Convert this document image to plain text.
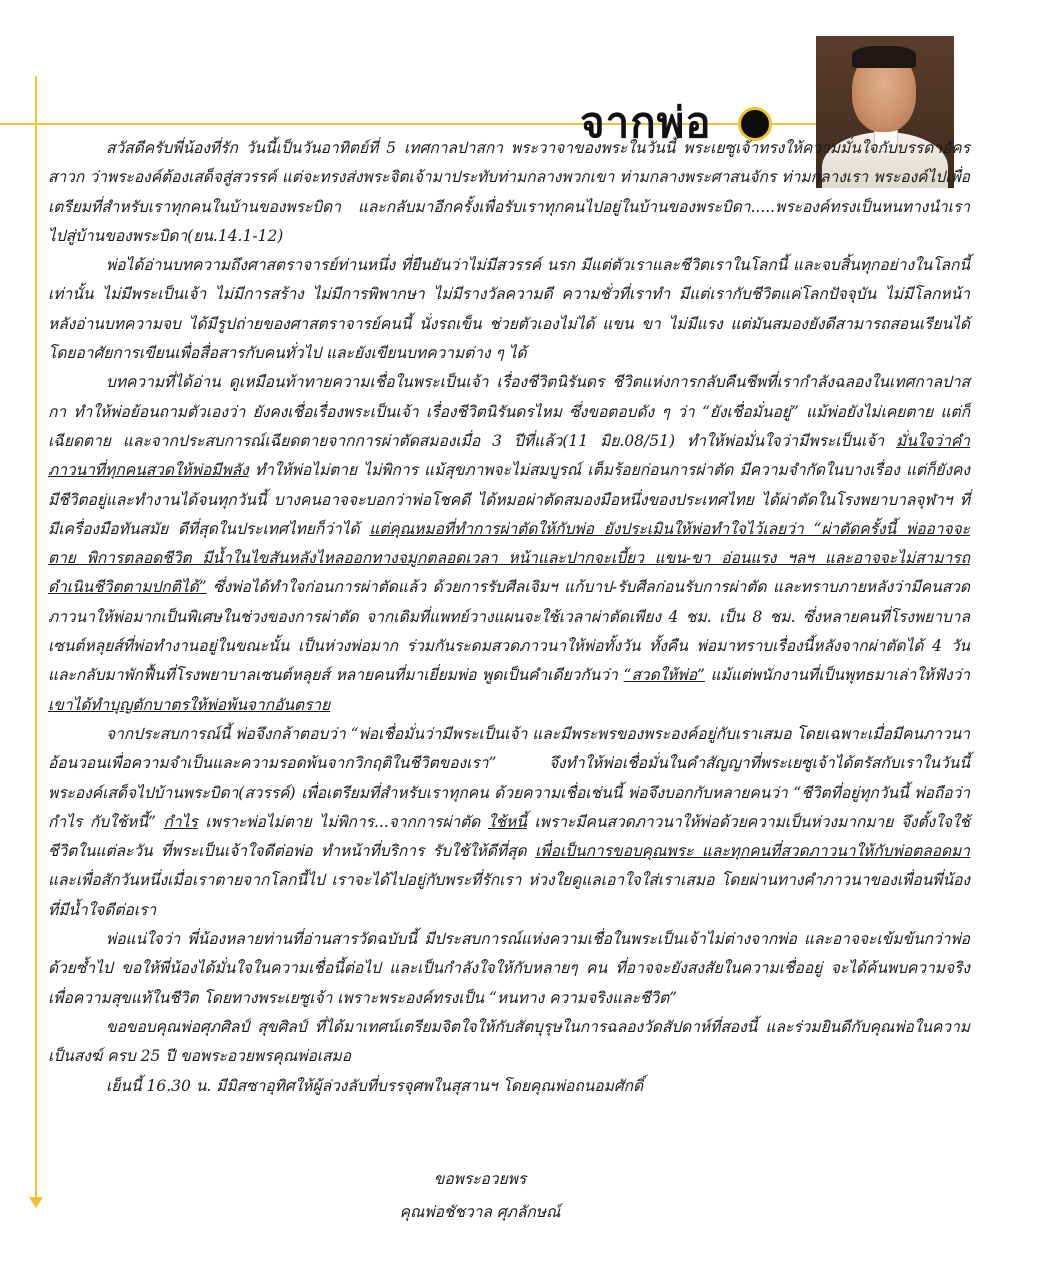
จากพ่อ

สวัสดีครับพี่น้องที่รัก วันนี้เป็นวันอาทิตย์ที่ 5 เทศกาลปาสกา พระวาจาของพระในวันนี้ พระเยซูเจ้าทรงให้ความมั่นใจกับบรรดาอัครสาวก ว่าพระองค์ต้องเสด็จสู่สวรรค์ แต่จะทรงส่งพระจิตเจ้ามาประทับท่ามกลางพวกเขา ท่ามกลางพระศาสนจักร ท่ามกลางเรา พระองค์ไปเพื่อเตรียมที่สำหรับเราทุกคนในบ้านของพระบิดา และกลับมาอีกครั้งเพื่อรับเราทุกคนไปอยู่ในบ้านของพระบิดา.....พระองค์ทรงเป็นหนทางนำเราไปสู่บ้านของพระบิดา(ยน.14.1-12)

พ่อได้อ่านบทความถึงศาสตราจารย์ท่านหนึ่ง ที่ยืนยันว่าไม่มีสวรรค์ นรก มีแต่ตัวเราและชีวิตเราในโลกนี้ และจบสิ้นทุกอย่างในโลกนี้เท่านั้น ไม่มีพระเป็นเจ้า ไม่มีการสร้าง ไม่มีการพิพากษา ไม่มีรางวัลความดี ความชั่วที่เราทำ มีแต่เรากับชีวิตแค่โลกปัจจุบัน ไม่มีโลกหน้า หลังอ่านบทความจบ ได้มีรูปถ่ายของศาสตราจารย์คนนี้ นั่งรถเข็น ช่วยตัวเองไม่ได้ แขน ขา ไม่มีแรง แต่มันสมองยังดีสามารถสอนเรียนได้ โดยอาศัยการเขียนเพื่อสื่อสารกับคนทั่วไป และยังเขียนบทความต่าง ๆ ได้

บทความที่ได้อ่าน ดูเหมือนท้าทายความเชื่อในพระเป็นเจ้า เรื่องชีวิตนิรันดร ชีวิตแห่งการกลับคืนชีพที่เรากำลังฉลองในเทศกาลปาสกา ทำให้พ่อย้อนถามตัวเองว่า ยังคงเชื่อเรื่องพระเป็นเจ้า เรื่องชีวิตนิรันดรไหม ซึ่งขอตอบดัง ๆ ว่า “ยังเชื่อมั่นอยู่” แม้พ่อยังไม่เคยตาย แต่ก็เฉียดตาย และจากประสบการณ์เฉียดตายจากการผ่าตัดสมองเมื่อ 3 ปีที่แล้ว(11 มิย.08/51) ทำให้พ่อมั่นใจว่ามีพระเป็นเจ้า มั่นใจว่าคำภาวนาที่ทุกคนสวดให้พ่อมีพลัง ทำให้พ่อไม่ตาย ไม่พิการ แม้สุขภาพจะไม่สมบูรณ์ เต็มร้อยก่อนการผ่าตัด มีความจำกัดในบางเรื่อง แต่ก็ยังคงมีชีวิตอยู่และทำงานได้จนทุกวันนี้ บางคนอาจจะบอกว่าพ่อโชคดี ได้หมอผ่าตัดสมองมือหนึ่งของประเทศไทย ได้ผ่าตัดในโรงพยาบาลจุฬาฯ ที่มีเครื่องมือทันสมัย ดีที่สุดในประเทศไทยก็ว่าได้ แต่คุณหมอที่ทำการผ่าตัดให้กับพ่อ ยังประเมินให้พ่อทำใจไว้เลยว่า “ผ่าตัดครั้งนี้ พ่ออาจจะตาย พิการตลอดชีวิต มีน้ำในไขสันหลังไหลออกทางจมูกตลอดเวลา หน้าและปากจะเบี้ยว แขน-ขา อ่อนแรง ฯลฯ และอาจจะไม่สามารถดำเนินชีวิตตามปกติได้” ซึ่งพ่อได้ทำใจก่อนการผ่าตัดแล้ว ด้วยการรับศีลเจิมฯ แก้บาป-รับศีลก่อนรับการผ่าตัด และทราบภายหลังว่ามีคนสวดภาวนาให้พ่อมากเป็นพิเศษในช่วงของการผ่าตัด จากเดิมที่แพทย์วางแผนจะใช้เวลาผ่าตัดเพียง 4 ชม. เป็น 8 ชม. ซึ่งหลายคนที่โรงพยาบาลเซนต์หลุยส์ที่พ่อทำงานอยู่ในขณะนั้น เป็นห่วงพ่อมาก ร่วมกันระดมสวดภาวนาให้พ่อทั้งวัน ทั้งคืน พ่อมาทราบเรื่องนี้หลังจากผ่าตัดได้ 4 วัน และกลับมาพักฟื้นที่โรงพยาบาลเซนต์หลุยส์ หลายคนที่มาเยี่ยมพ่อ พูดเป็นคำเดียวกันว่า “สวดให้พ่อ” แม้แต่พนักงานที่เป็นพุทธมาเล่าให้ฟังว่า เขาได้ทำบุญตักบาตรให้พ่อพ้นจากอันตราย

จากประสบการณ์นี้ พ่อจึงกล้าตอบว่า “พ่อเชื่อมั่นว่ามีพระเป็นเจ้า และมีพระพรของพระองค์อยู่กับเราเสมอ โดยเฉพาะเมื่อมีคนภาวนา อ้อนวอนเพื่อความจำเป็นและความรอดพ้นจากวิกฤติในชีวิตของเรา” จึงทำให้พ่อเชื่อมั่นในคำสัญญาที่พระเยซูเจ้าได้ตรัสกับเราในวันนี้ พระองค์เสด็จไปบ้านพระบิดา(สวรรค์) เพื่อเตรียมที่สำหรับเราทุกคน ด้วยความเชื่อเช่นนี้ พ่อจึงบอกกับหลายคนว่า “ชีวิตที่อยู่ทุกวันนี้ พ่อถือว่ากำไร กับใช้หนี้” กำไร เพราะพ่อไม่ตาย ไม่พิการ...จากการผ่าตัด ใช้หนี้ เพราะมีคนสวดภาวนาให้พ่อด้วยความเป็นห่วงมากมาย จึงตั้งใจใช้ชีวิตในแต่ละวัน ที่พระเป็นเจ้าใจดีต่อพ่อ ทำหน้าที่บริการ รับใช้ให้ดีที่สุด เพื่อเป็นการขอบคุณพระ และทุกคนที่สวดภาวนาให้กับพ่อตลอดมา และเพื่อสักวันหนึ่งเมื่อเราตายจากโลกนี้ไป เราจะได้ไปอยู่กับพระที่รักเรา ห่วงใยดูแลเอาใจใส่เราเสมอ โดยผ่านทางคำภาวนาของเพื่อนพี่น้องที่มีน้ำใจดีต่อเรา

พ่อแน่ใจว่า พี่น้องหลายท่านที่อ่านสารวัดฉบับนี้ มีประสบการณ์แห่งความเชื่อในพระเป็นเจ้าไม่ต่างจากพ่อ และอาจจะเข้มข้นกว่าพ่อด้วยซ้ำไป ขอให้พี่น้องได้มั่นใจในความเชื่อนี้ต่อไป และเป็นกำลังใจให้กับหลายๆ คน ที่อาจจะยังสงสัยในความเชื่ออยู่ จะได้ค้นพบความจริงเพื่อความสุขแท้ในชีวิต โดยทางพระเยซูเจ้า เพราะพระองค์ทรงเป็น “หนทาง ความจริงและชีวิต”

ขอขอบคุณพ่อศุภศิลป์ สุขศิลป์ ที่ได้มาเทศน์เตรียมจิตใจให้กับสัตบุรุษในการฉลองวัดสัปดาห์ที่สองนี้ และร่วมยินดีกับคุณพ่อในความเป็นสงฆ์ ครบ 25 ปี ขอพระอวยพรคุณพ่อเสมอ

เย็นนี้ 16.30 น. มีมิสซาอุทิศให้ผู้ล่วงลับที่บรรจุศพในสุสานฯ โดยคุณพ่อถนอมศักดิ์

ขอพระอวยพร
คุณพ่อชัชวาล ศุภลักษณ์
